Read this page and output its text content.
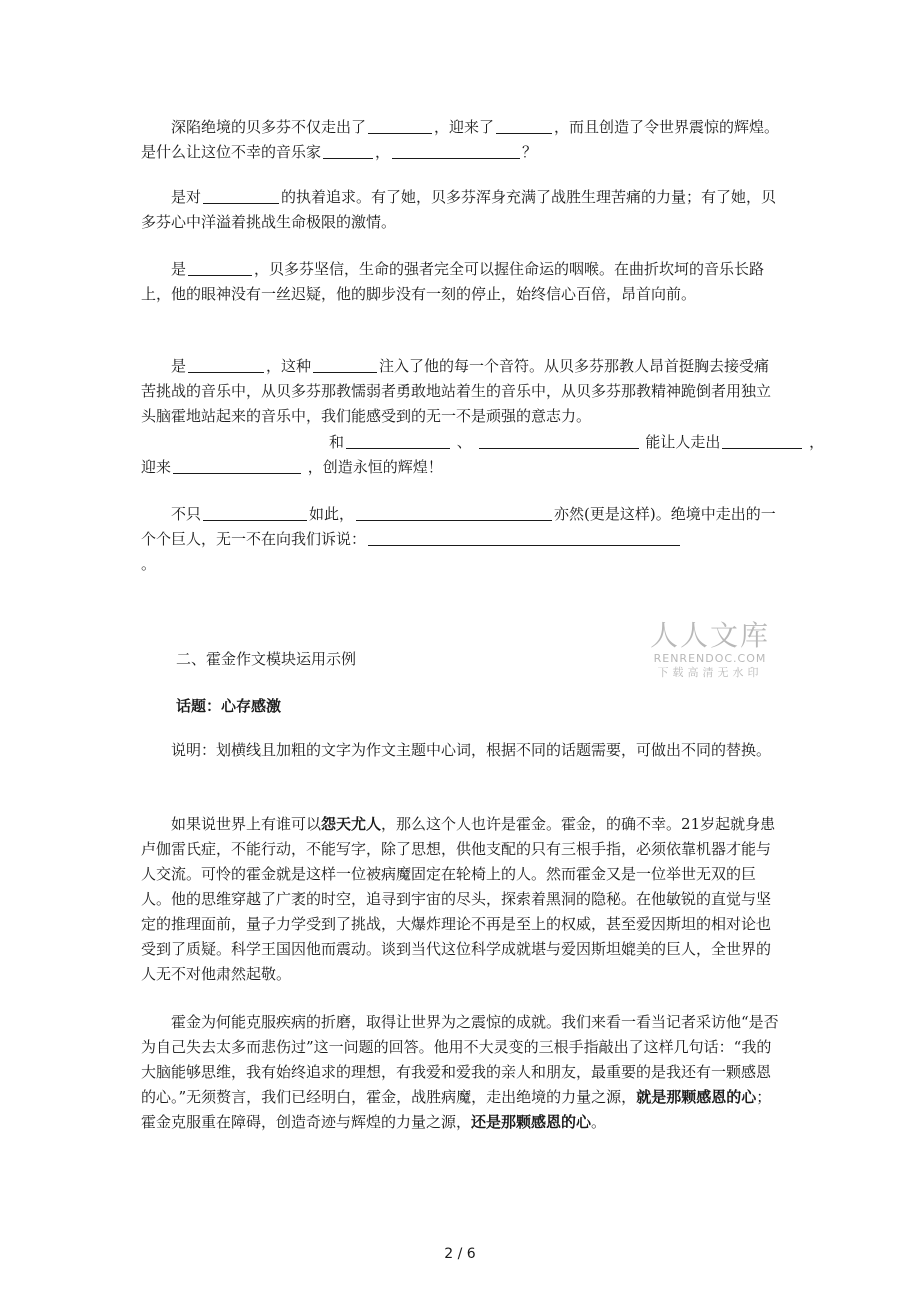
深陷绝境的贝多芬不仅走出了	，迎来了	，而且创造了令世界震惊的辉煌。是什么让这位不幸的音乐家	，	？

是对	的执着追求。有了她，贝多芬浑身充满了战胜生理苦痛的力量；有了她，贝多芬心中洋溢着挑战生命极限的激情。

是	，贝多芬坚信，生命的强者完全可以握住命运的咽喉。在曲折坎坷的音乐长路上，他的眼神没有一丝迟疑，他的脚步没有一刻的停止，始终信心百倍，昂首向前。

是	，这种	注入了他的每一个音符。从贝多芬那教人昂首挺胸去接受痛苦挑战的音乐中，从贝多芬那教懦弱者勇敢地站着生的音乐中，从贝多芬那教精神跪倒者用独立头脑霍地站起来的音乐中，我们能感受到的无一不是顽强的意志力。

和	、	能让人走出	，
迎来	，创造永恒的辉煌！

不只	如此，	亦然(更是这样)。绝境中走出的一个个巨人，无一不在向我们诉说：
。

人人文库
RENRENDOC.COM
下载高清无水印

二、霍金作文模块运用示例

话题：心存感激

说明：划横线且加粗的文字为作文主题中心词，根据不同的话题需要，可做出不同的替换。

如果说世界上有谁可以怨天尤人，那么这个人也许是霍金。霍金，的确不幸。21岁起就身患卢伽雷氏症，不能行动，不能写字，除了思想，供他支配的只有三根手指，必须依靠机器才能与人交流。可怜的霍金就是这样一位被病魔固定在轮椅上的人。然而霍金又是一位举世无双的巨人。他的思维穿越了广袤的时空，追寻到宇宙的尽头，探索着黑洞的隐秘。在他敏锐的直觉与坚定的推理面前，量子力学受到了挑战，大爆炸理论不再是至上的权威，甚至爱因斯坦的相对论也受到了质疑。科学王国因他而震动。谈到当代这位科学成就堪与爱因斯坦媲美的巨人，全世界的人无不对他肃然起敬。

霍金为何能克服疾病的折磨，取得让世界为之震惊的成就。我们来看一看当记者采访他“是否为自己失去太多而悲伤过”这一问题的回答。他用不大灵变的三根手指敲出了这样几句话：“我的大脑能够思维，我有始终追求的理想，有我爱和爱我的亲人和朋友，最重要的是我还有一颗感恩的心。”无须赘言，我们已经明白，霍金，战胜病魔，走出绝境的力量之源，就是那颗感恩的心；霍金克服重在障碍，创造奇迹与辉煌的力量之源，还是那颗感恩的心。

2 / 6
